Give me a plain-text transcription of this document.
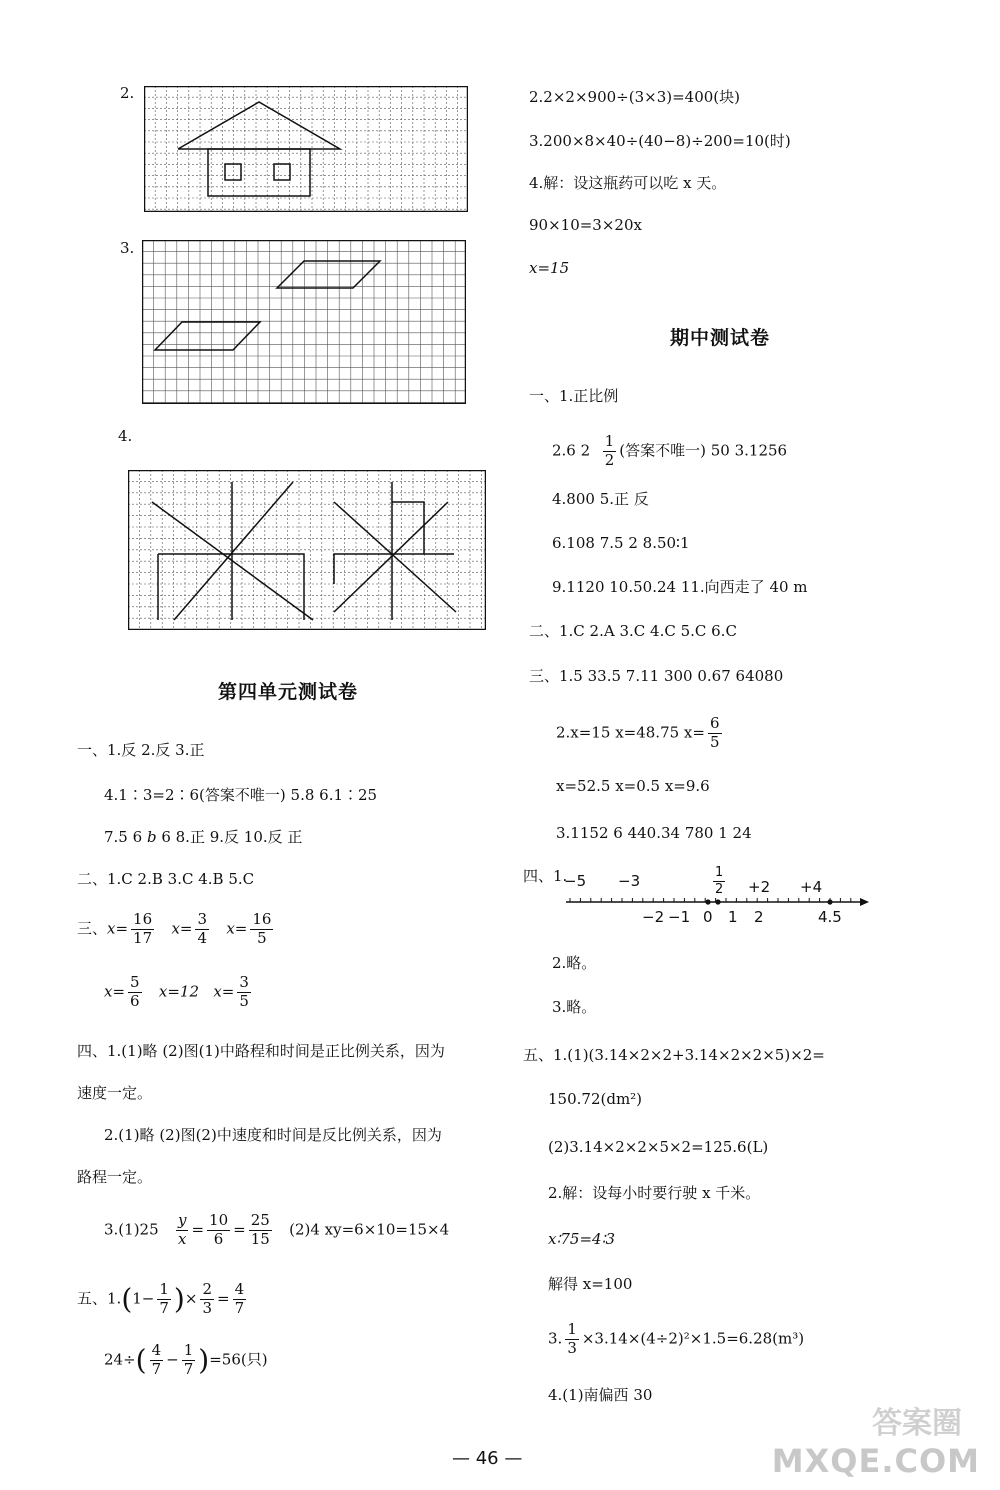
2.
3.
4.
第四单元测试卷
一、1.反 2.反 3.正
4.1∶3=2∶6(答案不唯一) 5.8 6.1∶25
7.5 6 b 6 8.正 9.反 10.反 正
二、1.C 2.B 3.C 4.B 5.C
三、$x= \frac{16}{17} x= \frac{3}{4} x= \frac{16}{5}$
$x= \frac{5}{6} x=12$ $x= \frac{3}{5}$
四、1.(1)略 (2)图(1)中路程和时间是正比例关系，因为
速度一定。
2.(1)略 (2)图(2)中速度和时间是反比例关系，因为
路程一定。
$3.(1)25 \frac{y}{x} = \frac{10}{6} = \frac{25}{15} (2)4$ xy=6×10=15×4
五、$1.(1- \frac{1}{7}$ )× $\frac{2}{3} = \frac{4}{7}$
$24\div( \frac{4}{7} - \frac{1}{7} )=56$(只)
2.2×2×900÷(3×3)=400(块)
3.200×8×40÷(40−8)÷200=10(时)
4.解：设这瓶药可以吃 x 天。
90×10=3×20x
x=15
期中测试卷
一、1.正比例
2.6 $2 \frac{1}{2}$ (答案不唯一) 50 3.1256
4.800 5.正 反
6.108 7.5 2 8.50∶1
9.1120 10.50.24 11.向西走了 40 m
二、1.C 2.A 3.C 4.C 5.C 6.C
三、1.5 33.5 7.11 300 0.67 64080
2.x=15 x=48.75 $x= \frac{6}{5}$
x=52.5 x=0.5 x=9.6
3.1152 6 440.34 780 1 24
四、1.
−5 −3	$\frac{1}{2} +2 +4$
−2 −1 0 1 2	4.5
2.略。
3.略。
五、1.(1)(3.14×2×2+3.14×2×2×5)×2=
150.72(dm²)
(2)3.14×2×2×5×2=125.6(L)
2.解：设每小时要行驶 x 千米。
x∶75=4∶3
解得 x=100
3. $\frac{1}{3} \times 3.14\times(4\div 2)^2\times 1.5=6.28(m^3)$
4.(1)南偏西 30
— 46 —
答案圈
MXQE.COM
